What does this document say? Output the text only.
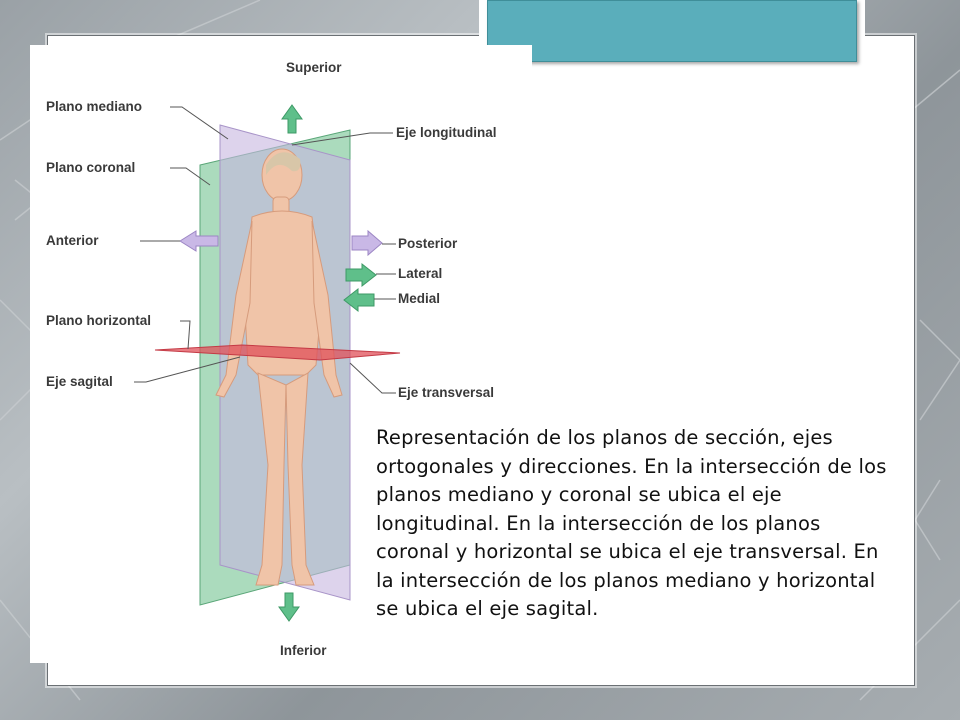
Superior
Plano mediano
Plano coronal
Anterior
Plano horizontal
Eje sagital
Eje longitudinal
Posterior
Lateral
Medial
Eje transversal
Inferior
Representación de los planos de sección, ejes ortogonales y direcciones. En la intersección de los planos mediano y coronal se ubica el eje longitudinal. En la intersección de los planos coronal y horizontal se ubica el eje transversal. En la intersección de los planos mediano y horizontal se ubica el eje sagital.
